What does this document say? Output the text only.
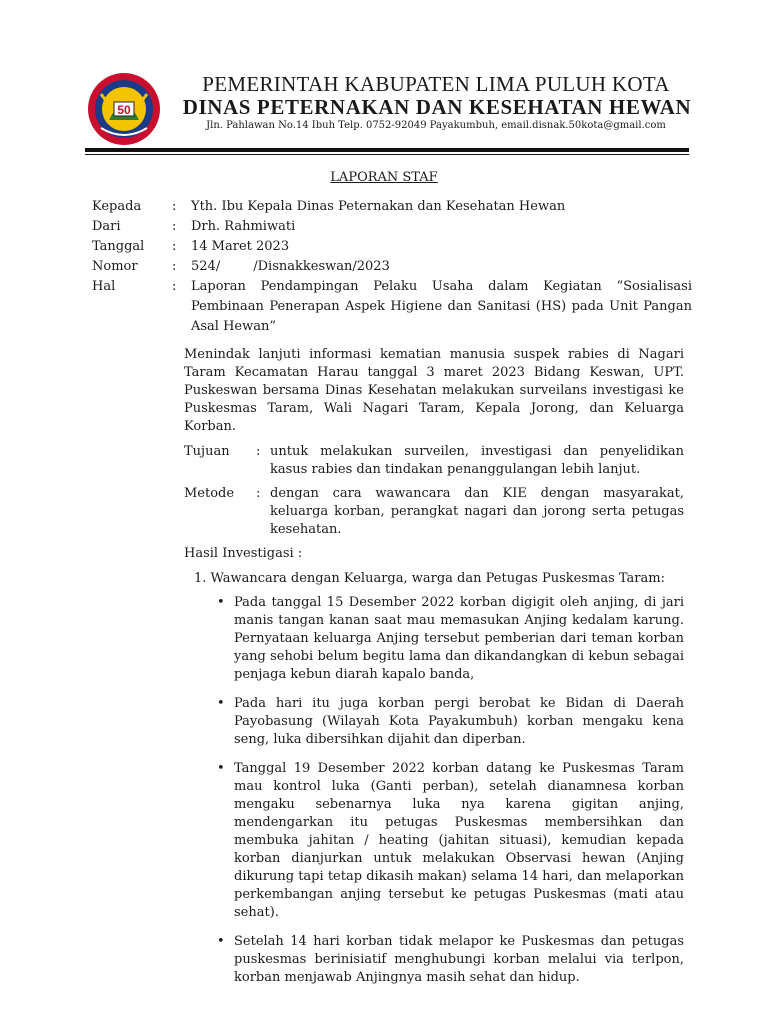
50
PEMERINTAH KABUPATEN LIMA PULUH KOTA
DINAS PETERNAKAN DAN KESEHATAN HEWAN
Jln. Pahlawan No.14 Ibuh Telp. 0752-92049 Payakumbuh, email.disnak.50kota@gmail.com
LAPORAN STAF
Kepada	:	Yth. Ibu Kepala Dinas Peternakan dan Kesehatan Hewan
Dari	:	Drh. Rahmiwati
Tanggal	:	14 Maret 2023
Nomor	:	524/        /Disnakkeswan/2023
Hal	:	Laporan Pendampingan Pelaku Usaha dalam Kegiatan “Sosialisasi Pembinaan Penerapan Aspek Higiene dan Sanitasi (HS) pada Unit Pangan Asal Hewan”

Menindak lanjuti informasi kematian manusia suspek rabies di Nagari Taram Kecamatan Harau tanggal 3 maret 2023 Bidang Keswan, UPT. Puskeswan bersama Dinas Kesehatan melakukan surveilans investigasi ke Puskesmas Taram, Wali Nagari Taram, Kepala Jorong, dan Keluarga Korban.

Tujuan	: untuk melakukan surveilen, investigasi dan penyelidikan kasus rabies dan tindakan penanggulangan lebih lanjut.
Metode	: dengan cara wawancara dan KIE dengan masyarakat, keluarga korban, perangkat nagari dan jorong serta petugas kesehatan.
Hasil Investigasi :
1. Wawancara dengan Keluarga, warga dan Petugas Puskesmas Taram:
• Pada tanggal 15 Desember 2022 korban digigit oleh anjing, di jari manis tangan kanan saat mau memasukan Anjing kedalam karung. Pernyataan keluarga Anjing tersebut pemberian dari teman korban yang sehobi belum begitu lama dan dikandangkan di kebun sebagai penjaga kebun diarah kapalo banda,
• Pada hari itu juga korban pergi berobat ke Bidan di Daerah Payobasung (Wilayah Kota Payakumbuh) korban mengaku kena seng, luka dibersihkan dijahit dan diperban.
• Tanggal 19 Desember 2022 korban datang ke Puskesmas Taram mau kontrol luka (Ganti perban), setelah dianamnesa korban mengaku sebenarnya luka nya karena gigitan anjing, mendengarkan itu petugas Puskesmas membersihkan dan membuka jahitan / heating (jahitan situasi), kemudian kepada korban dianjurkan untuk melakukan Observasi hewan (Anjing dikurung tapi tetap dikasih makan) selama 14 hari, dan melaporkan perkembangan anjing tersebut ke petugas Puskesmas (mati atau sehat).
• Setelah 14 hari korban tidak melapor ke Puskesmas dan petugas puskesmas berinisiatif menghubungi korban melalui via terlpon, korban menjawab Anjingnya masih sehat dan hidup.
